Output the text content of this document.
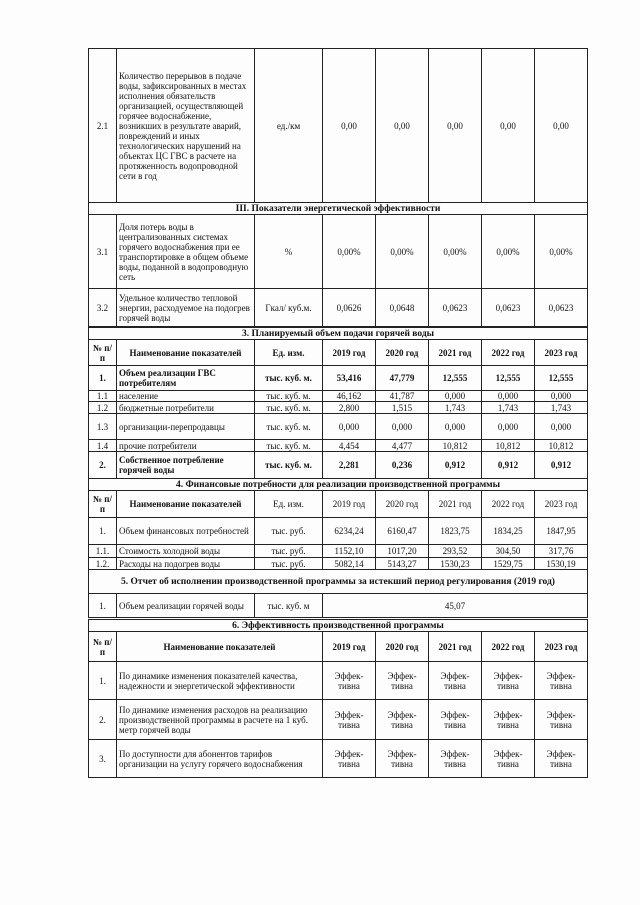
2.1	Количество перерывов в подаче воды, зафиксированных в местах исполнения обязательств организацией, осуществляющей горячее водоснабжение, возникших в результате аварий, повреждений и иных технологических нарушений на объектах ЦС ГВС в расчете на протяженность водопроводной сети в год	ед./км	0,00	0,00	0,00	0,00	0,00
III. Показатели энергетической эффективности							
3.1	Доля потерь воды в централизованных системах горячего водоснабжения при ее транспортировке в общем объеме воды, поданной в водопроводную сеть	%	0,00%	0,00%	0,00%	0,00%	0,00%
3.2	Удельное количество тепловой энергии, расходуемое на подогрев горячей воды	Гкал/ куб.м.	0,0626	0,0648	0,0623	0,0623	0,0623
3. Планируемый объем подачи горячей воды							
№ п/п	Наименование показателей	Ед. изм.	2019 год	2020 год	2021 год	2022 год	2023 год
1.	Объем реализации ГВС потребителям	тыс. куб. м.	53,416	47,779	12,555	12,555	12,555
1.1	население	тыс. куб. м.	46,162	41,787	0,000	0,000	0,000
1.2	бюджетные потребители	тыс. куб. м.	2,800	1,515	1,743	1,743	1,743
1.3	организации-перепродавцы	тыс. куб. м.	0,000	0,000	0,000	0,000	0,000
1.4	прочие потребители	тыс. куб. м.	4,454	4,477	10,812	10,812	10,812
2.	Собственное потребление горячей воды	тыс. куб. м.	2,281	0,236	0,912	0,912	0,912
4. Финансовые потребности для реализации производственной программы							
№ п/п	Наименование показателей	Ед. изм.	2019 год	2020 год	2021 год	2022 год	2023 год
1.	Объем финансовых потребностей	тыс. руб.	6234,24	6160,47	1823,75	1834,25	1847,95
1.1.	Стоимость холодной воды	тыс. руб.	1152,10	1017,20	293,52	304,50	317,76
1.2.	Расходы на подогрев воды	тыс. руб.	5082,14	5143,27	1530,23	1529,75	1530,19
5. Отчет об исполнении производственной программы за истекший период регулирования (2019 год)
1.	Объем реализации горячей воды	тыс. куб. м	45,07
6. Эффективность производственной программы						
№ п/п	Наименование показателей	2019 год	2020 год	2021 год	2022 год	2023 год
1.	По динамике изменения показателей качества, надежности и энергетической эффективности	Эффек-тивна	Эффек-тивна	Эффек-тивна	Эффек-тивна	Эффек-тивна
2.	По динамике изменения расходов на реализацию производственной программы в расчете на 1 куб. метр горячей воды	Эффек-тивна	Эффек-тивна	Эффек-тивна	Эффек-тивна	Эффек-тивна
3.	По доступности для абонентов тарифов организации на услугу горячего водоснабжения	Эффек-тивна	Эффек-тивна	Эффек-тивна	Эффек-тивна	Эффек-тивна
